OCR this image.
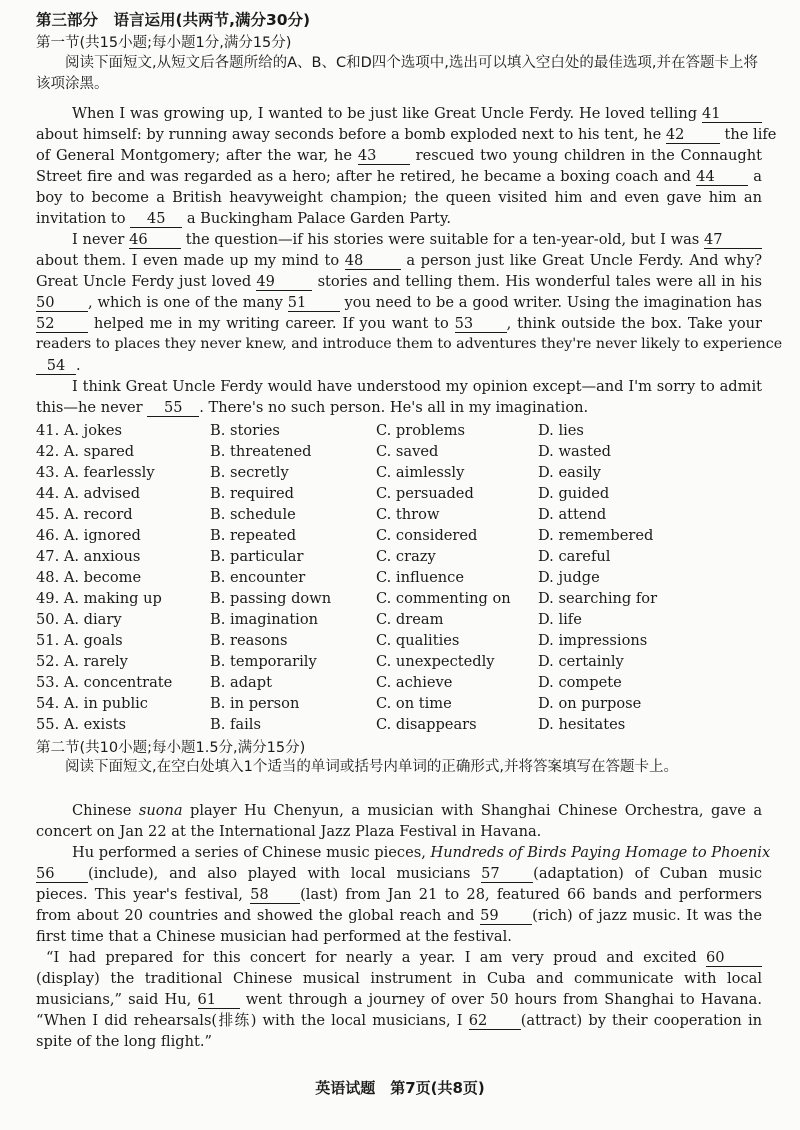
第三部分　语言运用(共两节,满分30分)
第一节(共15小题;每小题1分,满分15分)
阅读下面短文,从短文后各题所给的A、B、C和D四个选项中,选出可以填入空白处的最佳选项,并在答题卡上将该项涂黑。
When I was growing up, I wanted to be just like Great Uncle Ferdy. He loved telling 41
about himself: by running away seconds before a bomb exploded next to his tent, he 42	the life
of General Montgomery; after the war, he 43	rescued two young children in the Connaught
Street fire and was regarded as a hero; after he retired, he became a boxing coach and 44	a
boy to become a British heavyweight champion; the queen visited him and even gave him an
invitation to 45 a Buckingham Palace Garden Party.
I never 46	the question—if his stories were suitable for a ten-year-old, but I was 47
about them. I even made up my mind to 48	a person just like Great Uncle Ferdy. And why?
Great Uncle Ferdy just loved 49	stories and telling them. His wonderful tales were all in his
50 , which is one of the many 51	you need to be a good writer. Using the imagination has
52	helped me in my writing career. If you want to 53 , think outside the box. Take your
readers to places they never knew, and introduce them to adventures they're never likely to experience
54 .
I think Great Uncle Ferdy would have understood my opinion except—and I'm sorry to admit
this—he never 55 . There's no such person. He's all in my imagination.
41. A. jokes	B. stories	C. problems	D. lies
42. A. spared	B. threatened	C. saved	D. wasted
43. A. fearlessly	B. secretly	C. aimlessly	D. easily
44. A. advised	B. required	C. persuaded	D. guided
45. A. record	B. schedule	C. throw	D. attend
46. A. ignored	B. repeated	C. considered	D. remembered
47. A. anxious	B. particular	C. crazy	D. careful
48. A. become	B. encounter	C. influence	D. judge
49. A. making up	B. passing down	C. commenting on D. searching for
50. A. diary	B. imagination	C. dream	D. life
51. A. goals	B. reasons	C. qualities	D. impressions
52. A. rarely	B. temporarily	C. unexpectedly	D. certainly
53. A. concentrate	B. adapt	C. achieve	D. compete
54. A. in public	B. in person	C. on time	D. on purpose
55. A. exists	B. fails	C. disappears	D. hesitates
第二节(共10小题;每小题1.5分,满分15分)
阅读下面短文,在空白处填入1个适当的单词或括号内单词的正确形式,并将答案填写在答题卡上。
Chinese suona player Hu Chenyun, a musician with Shanghai Chinese Orchestra, gave a
concert on Jan 22 at the International Jazz Plaza Festival in Havana.
Hu performed a series of Chinese music pieces, Hundreds of Birds Paying Homage to Phoenix
56 (include), and also played with local musicians 57 (adaptation) of Cuban music
pieces. This year's festival, 58 (last) from Jan 21 to 28, featured 66 bands and performers
from about 20 countries and showed the global reach and 59 (rich) of jazz music. It was the
first time that a Chinese musician had performed at the festival.
“I had prepared for this concert for nearly a year. I am very proud and excited 60
(display) the traditional Chinese musical instrument in Cuba and communicate with local
musicians,” said Hu, 61 went through a journey of over 50 hours from Shanghai to Havana.
“When I did rehearsals(排练) with the local musicians, I 62 (attract) by their cooperation in
spite of the long flight.”
英语试题　第7页(共8页)
